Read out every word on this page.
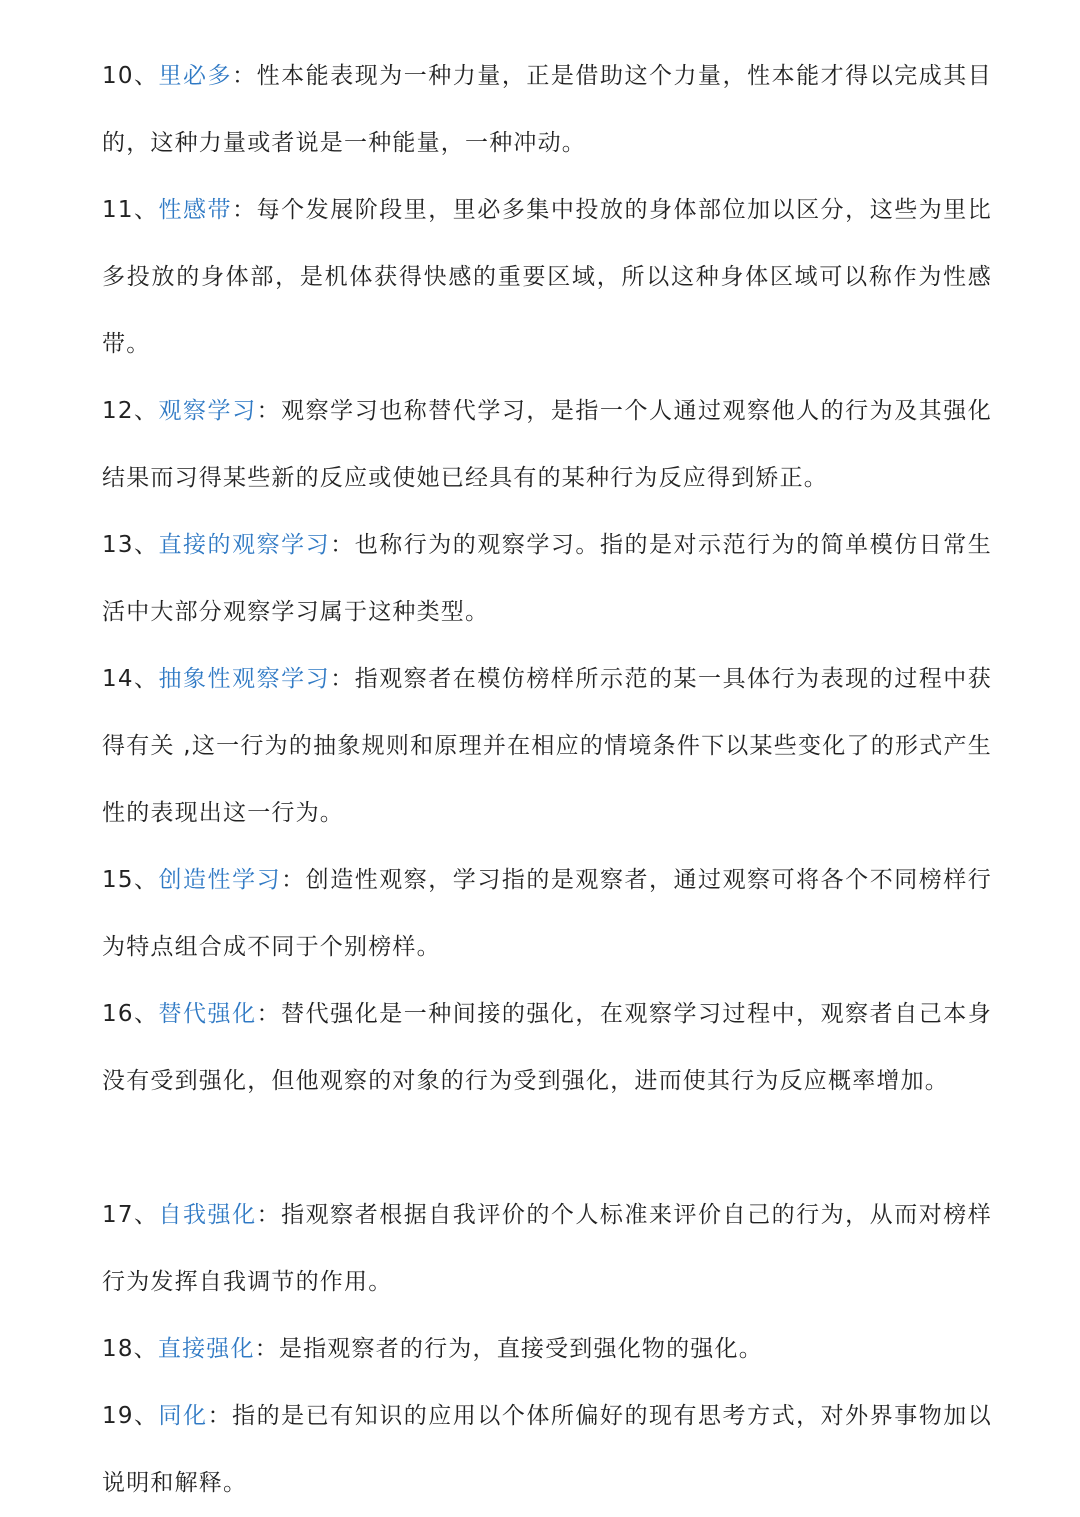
10、里必多：性本能表现为一种力量，正是借助这个力量，性本能才得以完成其目的，这种力量或者说是一种能量，一种冲动。

11、性感带：每个发展阶段里，里必多集中投放的身体部位加以区分，这些为里比多投放的身体部，是机体获得快感的重要区域，所以这种身体区域可以称作为性感带。

12、观察学习：观察学习也称替代学习，是指一个人通过观察他人的行为及其强化结果而习得某些新的反应或使她已经具有的某种行为反应得到矫正。

13、直接的观察学习：也称行为的观察学习。指的是对示范行为的简单模仿日常生活中大部分观察学习属于这种类型。

14、抽象性观察学习：指观察者在模仿榜样所示范的某一具体行为表现的过程中获得有关 ,这一行为的抽象规则和原理并在相应的情境条件下以某些变化了的形式产生性的表现出这一行为。

15、创造性学习：创造性观察，学习指的是观察者，通过观察可将各个不同榜样行为特点组合成不同于个别榜样。

16、替代强化：替代强化是一种间接的强化，在观察学习过程中，观察者自己本身没有受到强化，但他观察的对象的行为受到强化，进而使其行为反应概率增加。

17、自我强化：指观察者根据自我评价的个人标准来评价自己的行为，从而对榜样行为发挥自我调节的作用。

18、直接强化：是指观察者的行为，直接受到强化物的强化。

19、同化：指的是已有知识的应用以个体所偏好的现有思考方式，对外界事物加以说明和解释。
